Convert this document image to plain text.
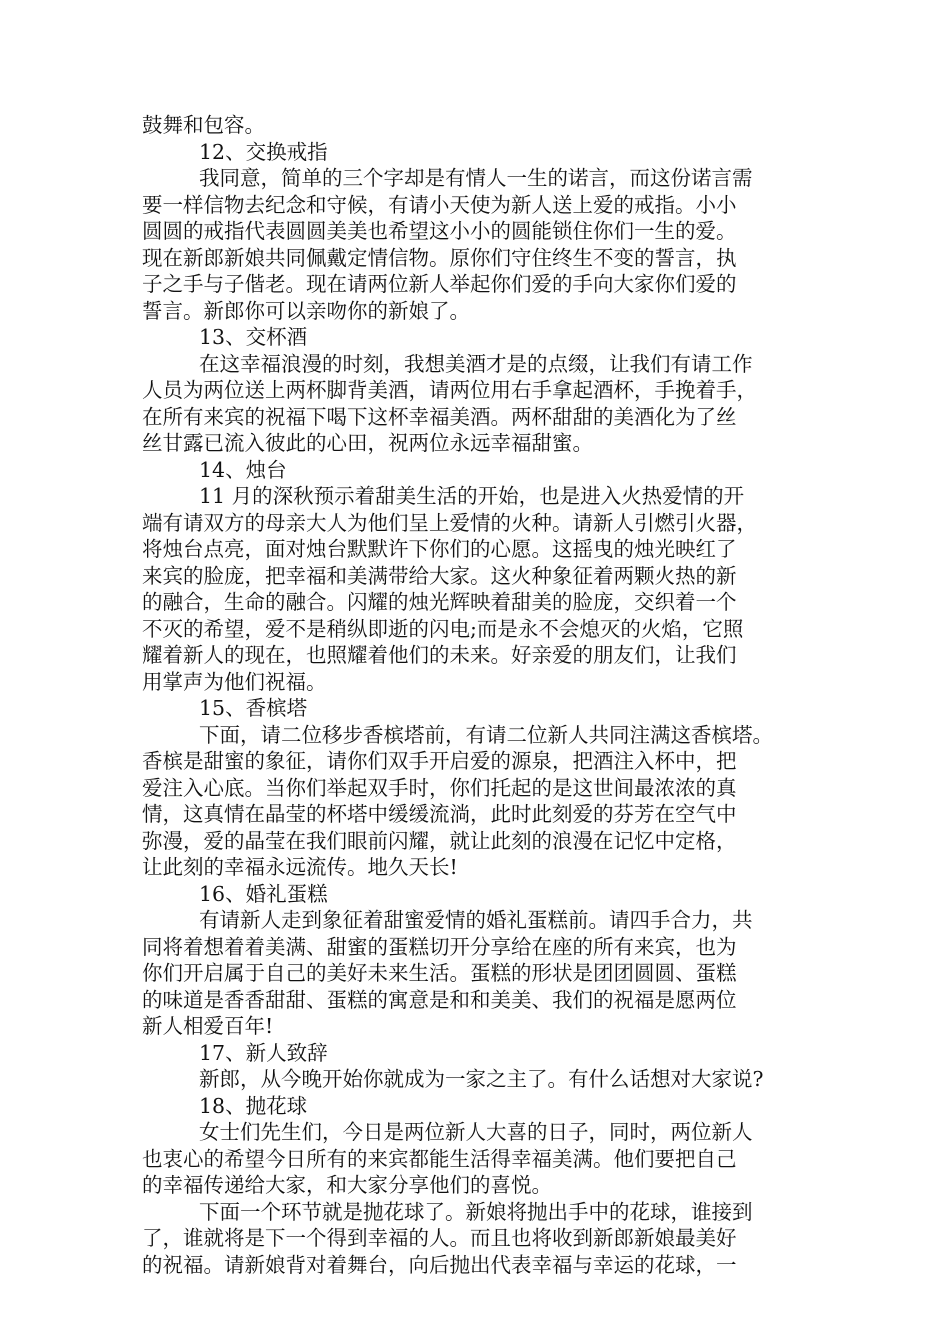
鼓舞和包容。
12、交换戒指
我同意，简单的三个字却是有情人一生的诺言，而这份诺言需
要一样信物去纪念和守候，有请小天使为新人送上爱的戒指。小小
圆圆的戒指代表圆圆美美也希望这小小的圆能锁住你们一生的爱。
现在新郎新娘共同佩戴定情信物。原你们守住终生不变的誓言，执
子之手与子偕老。现在请两位新人举起你们爱的手向大家你们爱的
誓言。新郎你可以亲吻你的新娘了。
13、交杯酒
在这幸福浪漫的时刻，我想美酒才是的点缀，让我们有请工作
人员为两位送上两杯脚背美酒，请两位用右手拿起酒杯，手挽着手，
在所有来宾的祝福下喝下这杯幸福美酒。两杯甜甜的美酒化为了丝
丝甘露已流入彼此的心田，祝两位永远幸福甜蜜。
14、烛台
11 月的深秋预示着甜美生活的开始，也是进入火热爱情的开
端有请双方的母亲大人为他们呈上爱情的火种。请新人引燃引火器，
将烛台点亮，面对烛台默默许下你们的心愿。这摇曳的烛光映红了
来宾的脸庞，把幸福和美满带给大家。这火种象征着两颗火热的新
的融合，生命的融合。闪耀的烛光辉映着甜美的脸庞，交织着一个
不灭的希望，爱不是稍纵即逝的闪电;而是永不会熄灭的火焰，它照
耀着新人的现在，也照耀着他们的未来。好亲爱的朋友们，让我们
用掌声为他们祝福。
15、香槟塔
下面，请二位移步香槟塔前，有请二位新人共同注满这香槟塔。
香槟是甜蜜的象征，请你们双手开启爱的源泉，把酒注入杯中，把
爱注入心底。当你们举起双手时，你们托起的是这世间最浓浓的真
情，这真情在晶莹的杯塔中缓缓流淌，此时此刻爱的芬芳在空气中
弥漫，爱的晶莹在我们眼前闪耀，就让此刻的浪漫在记忆中定格，
让此刻的幸福永远流传。地久天长!
16、婚礼蛋糕
有请新人走到象征着甜蜜爱情的婚礼蛋糕前。请四手合力，共
同将着想着着美满、甜蜜的蛋糕切开分享给在座的所有来宾，也为
你们开启属于自己的美好未来生活。蛋糕的形状是团团圆圆、蛋糕
的味道是香香甜甜、蛋糕的寓意是和和美美、我们的祝福是愿两位
新人相爱百年!
17、新人致辞
新郎，从今晚开始你就成为一家之主了。有什么话想对大家说?
18、抛花球
女士们先生们，今日是两位新人大喜的日子，同时，两位新人
也衷心的希望今日所有的来宾都能生活得幸福美满。他们要把自己
的幸福传递给大家，和大家分享他们的喜悦。
下面一个环节就是抛花球了。新娘将抛出手中的花球，谁接到
了，谁就将是下一个得到幸福的人。而且也将收到新郎新娘最美好
的祝福。请新娘背对着舞台，向后抛出代表幸福与幸运的花球，一
